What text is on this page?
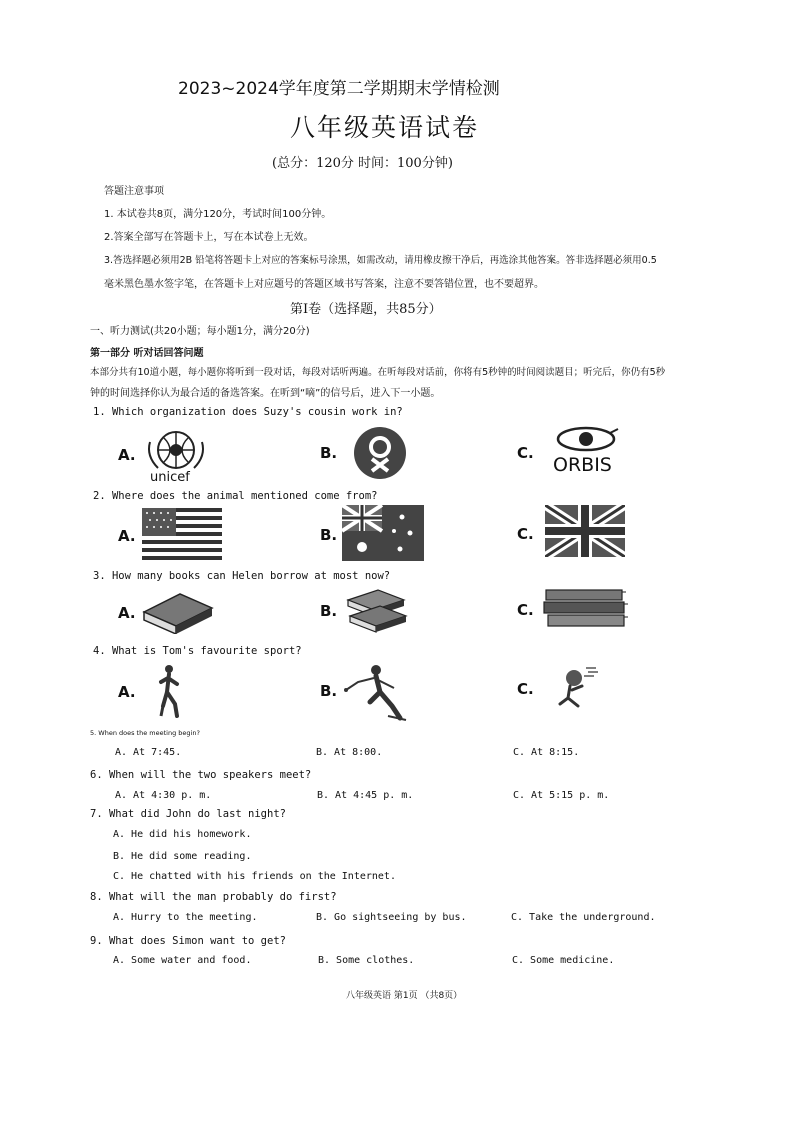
2023~2024学年度第二学期期末学情检测
八年级英语试卷
(总分：120分 时间：100分钟)
答题注意事项
1. 本试卷共8页，满分120分，考试时间100分钟。
2.答案全部写在答题卡上，写在本试卷上无效。
3.答选择题必须用2B 铅笔将答题卡上对应的答案标号涂黑，如需改动，请用橡皮擦干净后，再选涂其他答案。答非选择题必须用0.5
毫米黑色墨水签字笔，在答题卡上对应题号的答题区域书写答案，注意不要答错位置，也不要超界。
第Ⅰ卷（选择题，共85分）
一、听力测试(共20小题；每小题1分，满分20分)
第一部分 听对话回答问题
本部分共有10道小题，每小题你将听到一段对话，每段对话听两遍。在听每段对话前，你将有5秒钟的时间阅读题目；听完后，你仍有5秒
钟的时间选择你认为最合适的备选答案。在听到“嘀”的信号后，进入下一小题。
1. Which organization does Suzy's cousin work in?
A.	B.	C.
unicef
ORBIS
2. Where does the animal mentioned come from?
A.	B.	C.
3. How many books can Helen borrow at most now?
A.	B.	C.
4. What is Tom's favourite sport?
A.	B.	C.
5. When does the meeting begin?
A. At 7:45.	B. At 8:00.	C. At 8:15.
6. When will the two speakers meet?
A. At 4:30 p. m.	B. At 4:45 p. m.	C. At 5:15 p. m.
7. What did John do last night?
A. He did his homework.
B. He did some reading.
C. He chatted with his friends on the Internet.
8. What will the man probably do first?
A. Hurry to the meeting.	B. Go sightseeing by bus.	C. Take the underground.
9. What does Simon want to get?
A. Some water and food.	B. Some clothes.	C. Some medicine.
八年级英语 第1页 （共8页）
